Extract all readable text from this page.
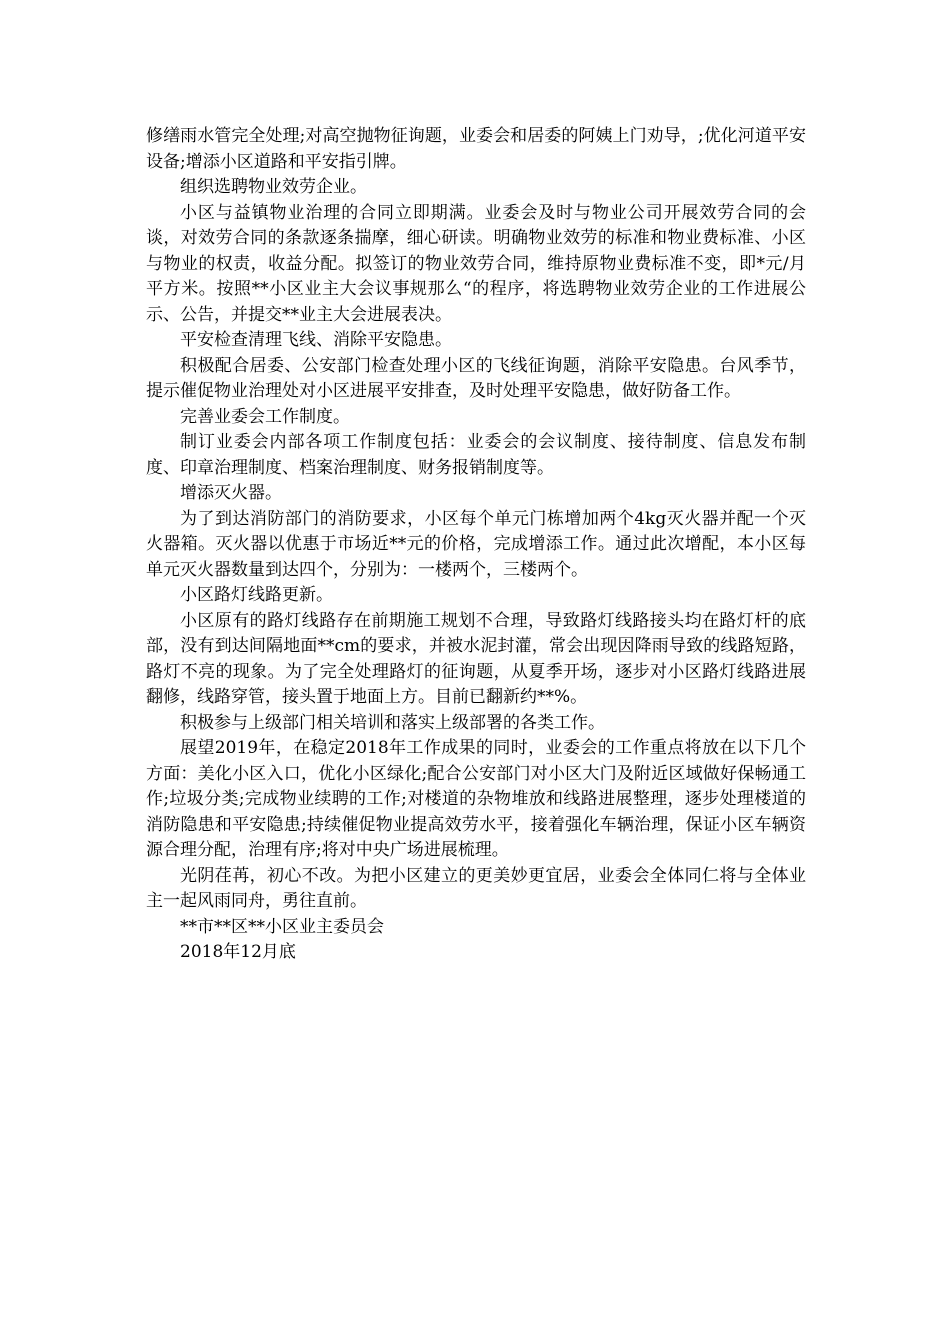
修缮雨水管完全处理;对高空抛物征询题，业委会和居委的阿姨上门劝导，;优化河道平安设备;增添小区道路和平安指引牌。

组织选聘物业效劳企业。

小区与益镇物业治理的合同立即期满。业委会及时与物业公司开展效劳合同的会谈，对效劳合同的条款逐条揣摩，细心研读。明确物业效劳的标准和物业费标准、小区与物业的权责，收益分配。拟签订的物业效劳合同，维持原物业费标准不变，即*元/月平方米。按照**小区业主大会议事规那么“的程序，将选聘物业效劳企业的工作进展公示、公告，并提交**业主大会进展表决。

平安检查清理飞线、消除平安隐患。

积极配合居委、公安部门检查处理小区的飞线征询题，消除平安隐患。台风季节，提示催促物业治理处对小区进展平安排查，及时处理平安隐患，做好防备工作。

完善业委会工作制度。

制订业委会内部各项工作制度包括：业委会的会议制度、接待制度、信息发布制度、印章治理制度、档案治理制度、财务报销制度等。

增添灭火器。

为了到达消防部门的消防要求，小区每个单元门栋增加两个4kg灭火器并配一个灭火器箱。灭火器以优惠于市场近**元的价格，完成增添工作。通过此次增配，本小区每单元灭火器数量到达四个，分别为：一楼两个，三楼两个。

小区路灯线路更新。

小区原有的路灯线路存在前期施工规划不合理，导致路灯线路接头均在路灯杆的底部，没有到达间隔地面**cm的要求，并被水泥封灌，常会出现因降雨导致的线路短路，路灯不亮的现象。为了完全处理路灯的征询题，从夏季开场，逐步对小区路灯线路进展翻修，线路穿管，接头置于地面上方。目前已翻新约**%。

积极参与上级部门相关培训和落实上级部署的各类工作。

展望2019年，在稳定2018年工作成果的同时，业委会的工作重点将放在以下几个方面：美化小区入口，优化小区绿化;配合公安部门对小区大门及附近区域做好保畅通工作;垃圾分类;完成物业续聘的工作;对楼道的杂物堆放和线路进展整理，逐步处理楼道的消防隐患和平安隐患;持续催促物业提高效劳水平，接着强化车辆治理，保证小区车辆资源合理分配，治理有序;将对中央广场进展梳理。

光阴荏苒，初心不改。为把小区建立的更美妙更宜居，业委会全体同仁将与全体业主一起风雨同舟，勇往直前。

**市**区**小区业主委员会

2018年12月底
